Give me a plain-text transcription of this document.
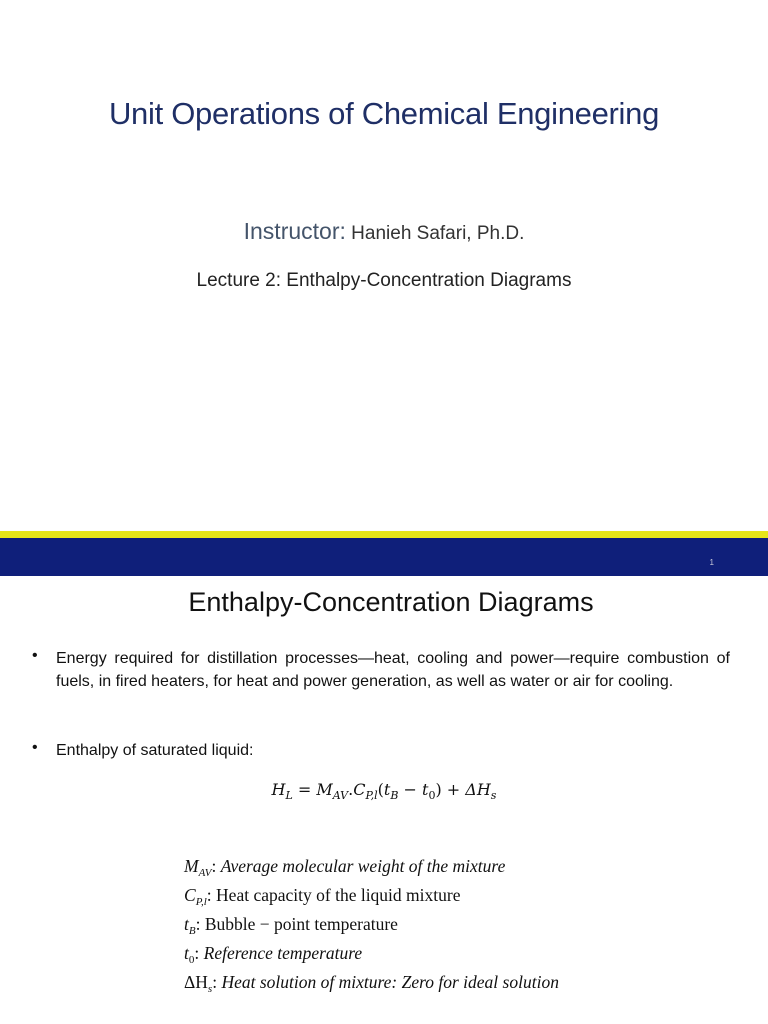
Unit Operations of Chemical Engineering
Instructor: Hanieh Safari, Ph.D.
Lecture 2: Enthalpy-Concentration Diagrams
1
Enthalpy-Concentration Diagrams
• Energy required for distillation processes—heat, cooling and power—require combustion of fuels, in fired heaters, for heat and power generation, as well as water or air for cooling.
• Enthalpy of saturated liquid:
$H_L = M_{AV}.C_{P,l}(t_B - t_0) + \Delta H_s$
$M_{AV}$: Average molecular weight of the mixture
$C_{P,l}$: Heat capacity of the liquid mixture
$t_B$: Bubble − point temperature
$t_0$: Reference temperature
$\Delta H_s$: Heat solution of mixture: Zero for ideal solution
